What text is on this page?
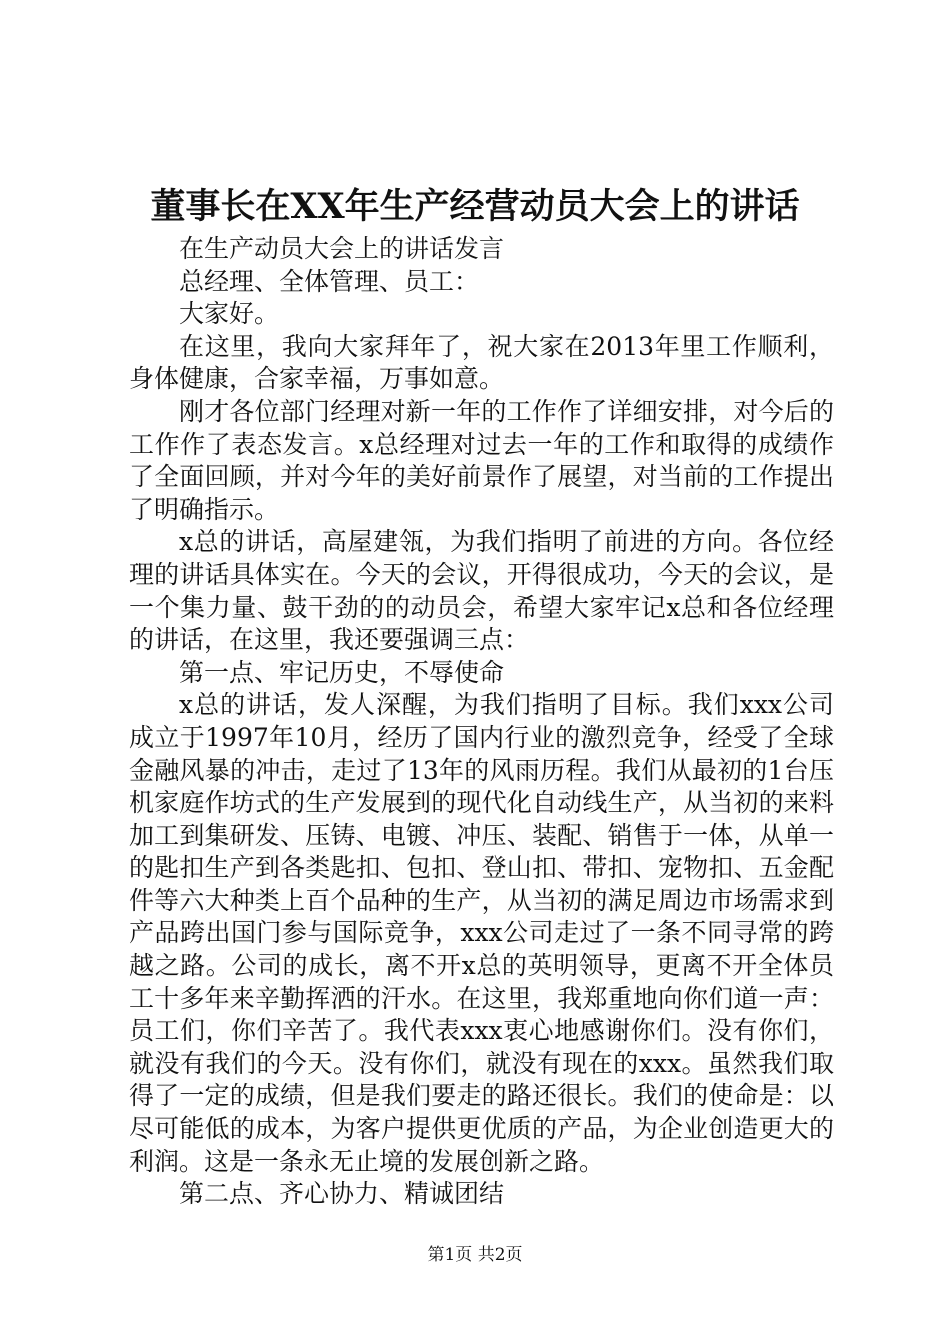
董事长在XX年生产经营动员大会上的讲话

在生产动员大会上的讲话发言

总经理、全体管理、员工：

大家好。

在这里，我向大家拜年了，祝大家在2013年里工作顺利，身体健康，合家幸福，万事如意。

刚才各位部门经理对新一年的工作作了详细安排，对今后的工作作了表态发言。x总经理对过去一年的工作和取得的成绩作了全面回顾，并对今年的美好前景作了展望，对当前的工作提出了明确指示。

x总的讲话，高屋建瓴，为我们指明了前进的方向。各位经理的讲话具体实在。今天的会议，开得很成功，今天的会议，是一个集力量、鼓干劲的的动员会，希望大家牢记x总和各位经理的讲话，在这里，我还要强调三点：

第一点、牢记历史，不辱使命

x总的讲话，发人深醒，为我们指明了目标。我们xxx公司成立于1997年10月，经历了国内行业的激烈竞争，经受了全球金融风暴的冲击，走过了13年的风雨历程。我们从最初的1台压机家庭作坊式的生产发展到的现代化自动线生产，从当初的来料加工到集研发、压铸、电镀、冲压、装配、销售于一体，从单一的匙扣生产到各类匙扣、包扣、登山扣、带扣、宠物扣、五金配件等六大种类上百个品种的生产，从当初的满足周边市场需求到产品跨出国门参与国际竞争，xxx公司走过了一条不同寻常的跨越之路。公司的成长，离不开x总的英明领导，更离不开全体员工十多年来辛勤挥洒的汗水。在这里，我郑重地向你们道一声：员工们，你们辛苦了。我代表xxx衷心地感谢你们。没有你们，就没有我们的今天。没有你们，就没有现在的xxx。虽然我们取得了一定的成绩，但是我们要走的路还很长。我们的使命是：以尽可能低的成本，为客户提供更优质的产品，为企业创造更大的利润。这是一条永无止境的发展创新之路。

第二点、齐心协力、精诚团结

第1页 共2页
